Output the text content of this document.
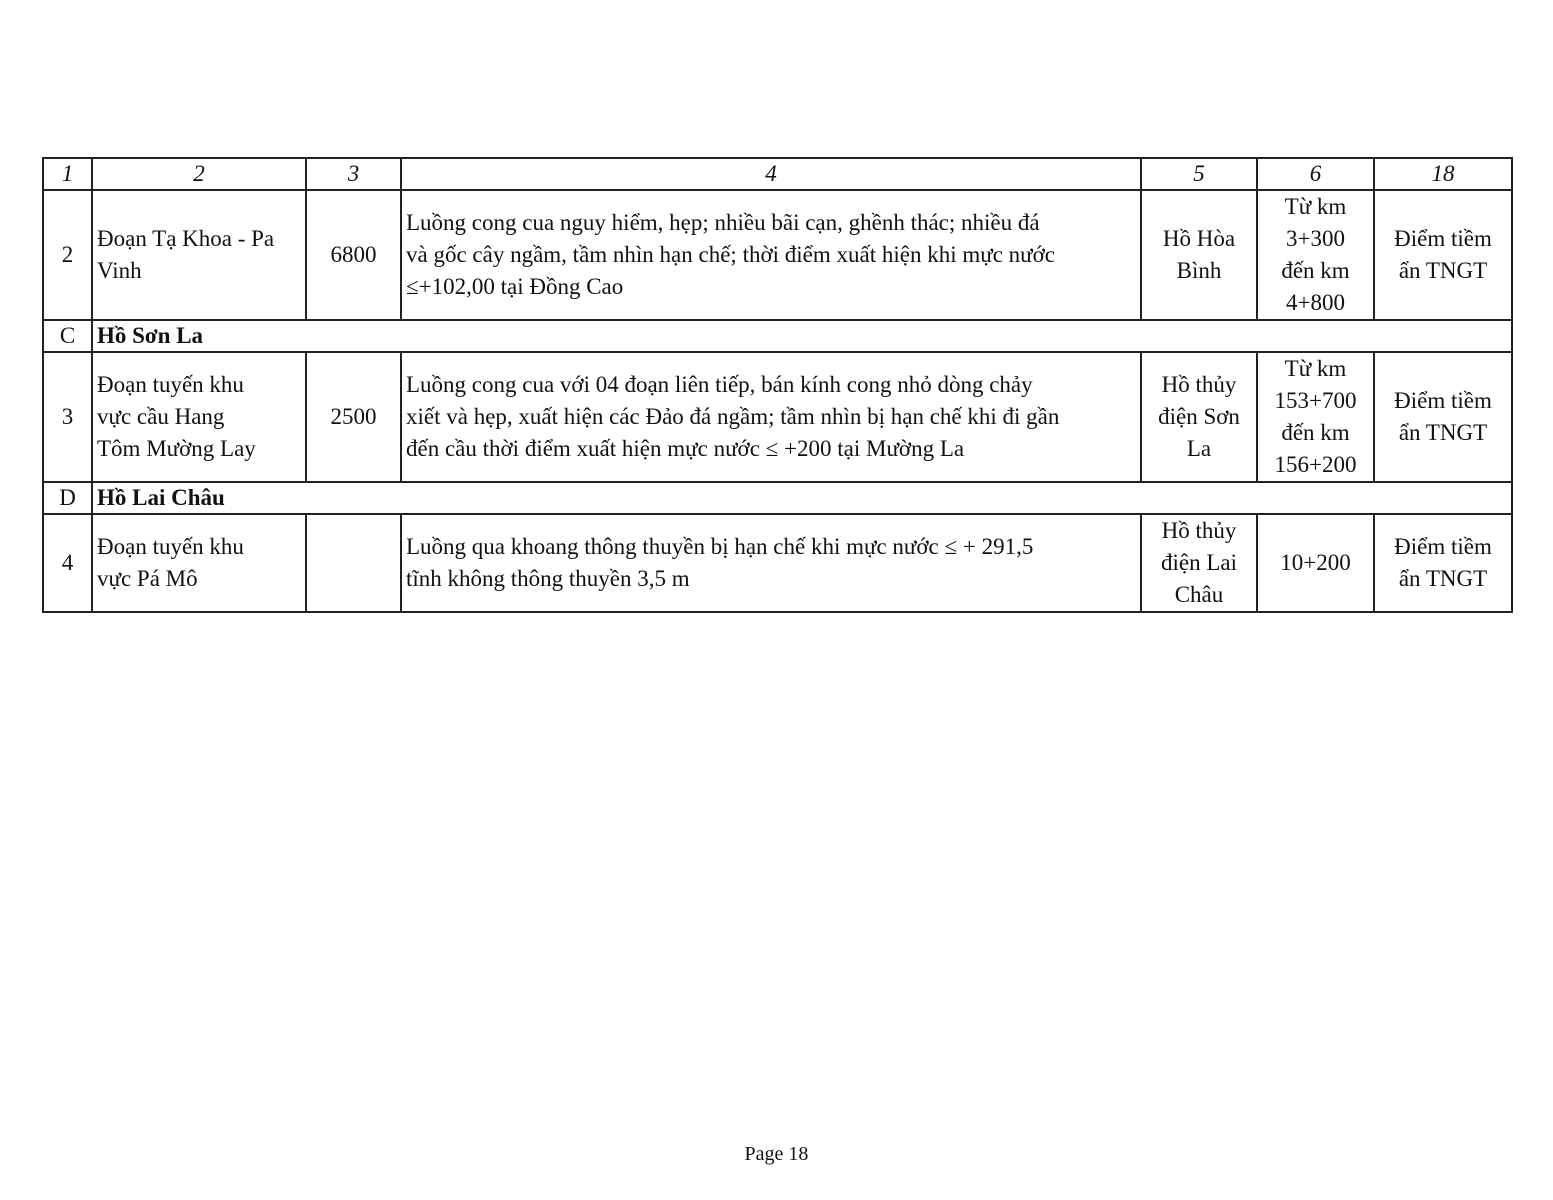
1	2	3	4	5	6	18
2	Đoạn Tạ Khoa - Pa
Vinh	6800	Luồng cong cua nguy hiểm, hẹp; nhiều bãi cạn, ghềnh thác; nhiều đá
và gốc cây ngầm, tầm nhìn hạn chế; thời điểm xuất hiện khi mực nước
≤+102,00 tại Đồng Cao	Hồ Hòa
Bình	Từ km
3+300
đến km
4+800	Điểm tiềm
ẩn TNGT
C	Hồ Sơn La					
3	Đoạn tuyến khu
vực cầu Hang
Tôm Mường Lay	2500	Luồng cong cua với 04 đoạn liên tiếp, bán kính cong nhỏ dòng chảy
xiết và hẹp, xuất hiện các Đảo đá ngầm; tầm nhìn bị hạn chế khi đi gần
đến cầu thời điểm xuất hiện mực nước ≤ +200 tại Mường La	Hồ thủy
điện Sơn
La	Từ km
153+700
đến km
156+200	Điểm tiềm
ẩn TNGT
D	Hồ Lai Châu					
4	Đoạn tuyến khu
vực Pá Mô		Luồng qua khoang thông thuyền bị hạn chế khi mực nước ≤ + 291,5
tĩnh không thông thuyền 3,5 m	Hồ thủy
điện Lai
Châu	10+200	Điểm tiềm
ẩn TNGT
Page 18
